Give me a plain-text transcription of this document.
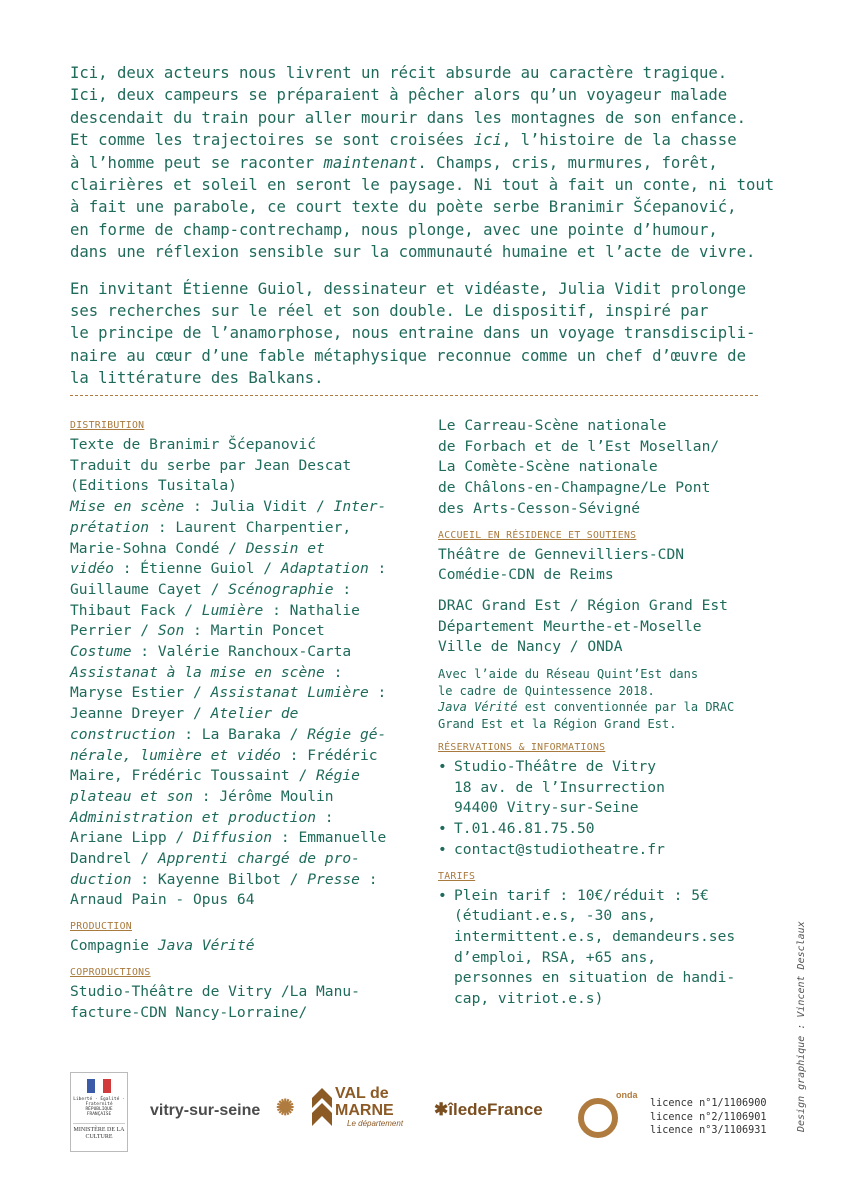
Ici, deux acteurs nous livrent un récit absurde au caractère tragique.
Ici, deux campeurs se préparaient à pêcher alors qu’un voyageur malade
descendait du train pour aller mourir dans les montagnes de son enfance.
Et comme les trajectoires se sont croisées ici, l’histoire de la chasse
à l’homme peut se raconter maintenant. Champs, cris, murmures, forêt,
clairières et soleil en seront le paysage. Ni tout à fait un conte, ni tout
à fait une parabole, ce court texte du poète serbe Branimir Šćepanović,
en forme de champ-contrechamp, nous plonge, avec une pointe d’humour,
dans une réflexion sensible sur la communauté humaine et l’acte de vivre.

En invitant Étienne Guiol, dessinateur et vidéaste, Julia Vidit prolonge
ses recherches sur le réel et son double. Le dispositif, inspiré par
le principe de l’anamorphose, nous entraine dans un voyage transdiscipli-
naire au cœur d’une fable métaphysique reconnue comme un chef d’œuvre de
la littérature des Balkans.

DISTRIBUTION
Texte de Branimir Šćepanović
Traduit du serbe par Jean Descat
(Editions Tusitala)
Mise en scène : Julia Vidit / Inter-
prétation : Laurent Charpentier,
Marie-Sohna Condé / Dessin et
vidéo : Étienne Guiol / Adaptation :
Guillaume Cayet / Scénographie :
Thibaut Fack / Lumière : Nathalie
Perrier / Son : Martin Poncet
Costume : Valérie Ranchoux-Carta
Assistanat à la mise en scène :
Maryse Estier / Assistanat Lumière :
Jeanne Dreyer / Atelier de
construction : La Baraka / Régie gé-
nérale, lumière et vidéo : Frédéric
Maire, Frédéric Toussaint / Régie
plateau et son : Jérôme Moulin
Administration et production :
Ariane Lipp / Diffusion : Emmanuelle
Dandrel / Apprenti chargé de pro-
duction : Kayenne Bilbot / Presse :
Arnaud Pain - Opus 64
PRODUCTION
Compagnie Java Vérité
COPRODUCTIONS
Studio-Théâtre de Vitry /La Manu-
facture-CDN Nancy-Lorraine/
Le Carreau-Scène nationale
de Forbach et de l’Est Mosellan/
La Comète-Scène nationale
de Châlons-en-Champagne/Le Pont
des Arts-Cesson-Sévigné
ACCUEIL EN RÉSIDENCE ET SOUTIENS
Théâtre de Gennevilliers-CDN
Comédie-CDN de Reims
DRAC Grand Est / Région Grand Est
Département Meurthe-et-Moselle
Ville de Nancy / ONDA
Avec l’aide du Réseau Quint’Est dans
le cadre de Quintessence 2018.
Java Vérité est conventionnée par la DRAC
Grand Est et la Région Grand Est.
RÉSERVATIONS & INFORMATIONS
• Studio-Théâtre de Vitry
18 av. de l’Insurrection
94400 Vitry-sur-Seine
• T.01.46.81.75.50
• contact@studiotheatre.fr
TARIFS
• Plein tarif : 10€/réduit : 5€
(étudiant.e.s, -30 ans,
intermittent.e.s, demandeurs.ses
d’emploi, RSA, +65 ans,
personnes en situation de handi-
cap, vitriot.e.s)	Design graphique : Vincent Desclaux
Liberté · Égalité · Fraternité RÉPUBLIQUE FRANÇAISE
MINISTÈRE DE LA CULTURE
vitry-sur-seine ✺
VAL de
MARNE
Le département
✱îledeFrance
onda
licence n°1/1106900
licence n°2/1106901
licence n°3/1106931
